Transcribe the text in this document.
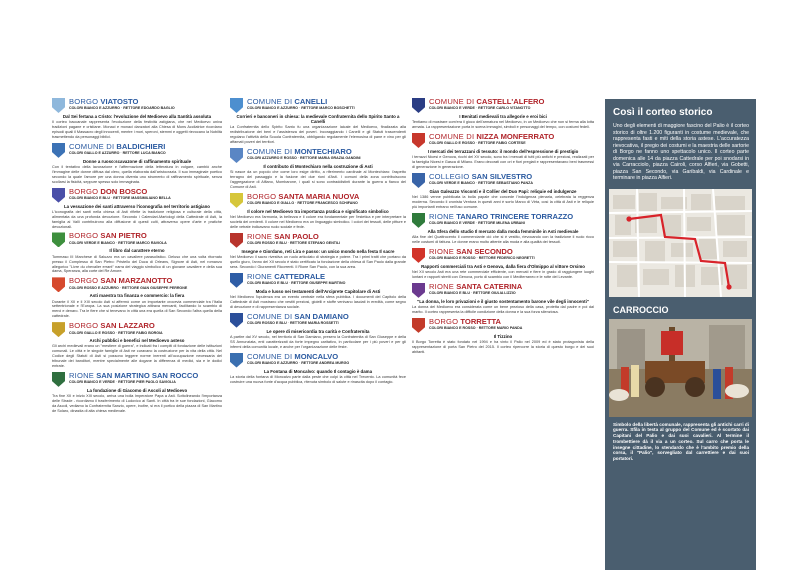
BORGO VIATOSTO
COLORI BIANCO E AZZURRO · RETTORE EDOARDO BAGLIO
Dal Sei fertana a Cristo: l'evoluzione del Medioevo alla Santità assoluta
Il corteo baccanale rappresenta l'evoluzione della festività astigiana, che nel Medioevo univa tradizioni pagane e cristiane. Monaci e monaci danzatori alla Chiesa di Mons Accilatrice ricordano episodi quali il Massacro degli innocenti, mentre i mori, speroni, stemmi e oggetti rievocano la Nobiltà trasmettendo da personaggi biblici.
COMUNE DI BALDICHIERI
COLORI GIALLO E AZZURRO · RETTORE LUCA BIANCO
Donne a ruoso:scavazone di raffinamento spirituale
Con il tentativo della lavorazione e l'affermazione della letteratura in volgare, cambiò anche l'immagine delle donne diffusa dal clero, quella elaborata dall'aristocrazia. Il suo immaginale poetico secondo la quale l'amore per una donna diventa uno strumento di raffinamento spirituale, senza scollarsi la fisicità, seppure spesso solo immaginata.
BORGO DON BOSCO
COLORI BIANCO E BLU · RETTORE MASSIMILIANO BELLA
La vessazione dei santi attraverso l'iconografia nel territorio astigiano
L'iconografia dei santi nella chiesa di Asti riflette la tradizione religiosa e culturale della città, alimentata da una profonda devozione. Secondo i Calendari-Martologi della Cattedrale di Asti, la famiglia ai Valli contribuirono alla diffusione di questi culti, attraverso opere d'arte e pratiche devozionali.
BORGO SAN PIETRO
COLORI VERDE E BIANCO · RETTORE MARCO RAVIOLA
Il libro dal carattere eterno
Tommaso III Marchese di Saluzzo era un cavaliere parasolistico. Deluso che una volta ritornato presso il Complesso di San Pietro: Pristello del Duca di Orleans, Signore di Asti, nel romanzo allegorico "Livre du chevalier errant" narra del viaggio simbolico di un giovane cavaliere e della sua dama, Speranza, alla corte del Re Amore.
BORGO SAN MARZANOTTO
COLORI ROSSO E AZZURRO · RETTORE GIAN GIUSEPPE PERRONE
Asti maestra tra finanza e commercio: la fiera
Durante il XII e il XIII secolo Asti si affermò come un importante crocevia commerciale tra l'Italia settentrionale e l'Europa. La sua posizione strategica attirava mercanti, facilitando lo scambio di merci e denaro. Tra le fiere che si tenevano in città una era quella di San Secondo l'altra quella della cattedrale.
BORGO SAN LAZZARO
COLORI GIALLO E ROSSO · RETTORE FABIO BORGIA
Archi pubblici e benefici nel Medioevo asteso
Gli archi medievali erano un "mestiere di guerra", e indicati fra i compiti di fondazione delle istituzioni comunali. Le città e le singole famiglie di Asti ne curavano la costruzione per la vita della città. Nel Codice degli Statuti di Asti si possono leggere norme inerenti all'occupazione necessaria del tribunale dei banditori, mentre specialmente alle dogane la differenza di medici, sia e le dodici entrate.
RIONE SAN MARTINO SAN ROCCO
COLORI BIANCO E VERDE · RETTORE PIER PAOLO SAVIGLIA
La fondazione di Giacomo di Ascoli al Medioevo
Tra fine XII e inizio XIII secolo, arriva una bolla Imperatore Papa a Asti. Sottolineando l'importanza delle Strade - ricordiamo il trasferimento di Ludovico ai Santi. In città tra le sue fondazioni, Giacomo da Ascoli, vediamo la Confraternita Sanzio, opere, inoltre, si era il portico della piazza di San Martino de Solaro, dinastia di alta chiesa medievale.
COMUNE DI CANELLI
COLORI BIANCO E AZZURRO · RETTORE MARCO BOSCHETTI
Corrieri e banconeri in chiesa: la medievale Confraternita dello Spirito Santo a Canelli
La Confraternita dello Spirito Santo fu una organizzazione laicale del Medioevo, finalizzata alla redistribuzione dei beni e l'assistenza dei poveri. Incoraggiando i Canelli e gli Statuti trascendenti regolano l'attività della Scuola Confraternita, obbligando regolamente l'elemosina di pane e vino per gli affamati poveri dei territori.
COMUNE DI MONTECHIARO
COLORI AZZURRO E ROSSO · RETTORE MARIA GRAZIA GANDINI
Il contributo di Montechiaro nella costruzione di Asti
Si nasce da un popolo che come loro esige diritto, a riferimento cardinale al Montechiaro: l'aspetto terragno del passaggio e la fusione dei due rioni d'Asti. I comuni della zona contribuiscono l'aggregazione di Alfiano, Mombarone, i quali si sono contraddistinti durante la guerra a fianco del Comune di Asti.
BORGO SANTA MARIA NUOVA
COLORI BIANCO E GIALLO · RETTORE FRANCESCO SCHIFANO
Il colore nel Medioevo tra importanza pratica e significato simbolico
Nel Medioevo era l'armonia, la bellezza e il colore era fondamentale per l'estetica e per interpretare la società dei credenti. Il colore nel Medioevo era un linguaggio simbolico. I colori dei tessuti, delle pitture e delle vetrate indicavano ruolo sociale e fede.
RIONE SAN PAOLO
COLORI ROSSO E BLU · RETTORE STEFANO GENTILI
Insegne e Giordano, reti Lira e passo: un unico mondo nella festa Il sacre
Nel Medioevo il sacro rivestiva un ruolo articolato di strategia e potere. Tra i primi tratti che portano da quello giuro, l'anno del XII secolo è stato certificato la fondazione della chiesa di San Paolo dalla grande sera. Secondo i Giuramenti Ricorrenti. Il Rione San Paolo, con la sua area.
RIONE CATTEDRALE
COLORI BIANCO E BLU · RETTORE GIUSEPPE MARTINO
Moda e lusso nei testamenti dell'Arciprete Capitolare di Asti
Nel Medioevo l'opulenza era un evento centrale nella sfera pubblica. I documenti del Capitolo della Cattedrale di Asti mostrano che vestiti preziosi, gioielli e stoffe venivano lasciati in eredità, come segno di devozione e di rappresentanza sociale.
COMUNE DI SAN DAMIANO
COLORI ROSSO E BLU · RETTORE MARIA ROSSETTI
Le opere di misericordia tra carità e Confraternita
A partire dal XV secolo, nel territorio di San Damiano, presero la Confraternita di San Giuseppe e della SS Annunziata, enti caratterizzati da forte impegno caritativo, in particolare per i più poveri e per gli infermi della comunità locale, e anche per l'organizzazione delle feste.
COMUNE DI MONCALVO
COLORI BIANCO E AZZURRO · RETTORE ANDREA MURGO
La Fontana di Moncalvo: quando Il contagio è dama
La storia della fontana di Moncalvo parte dalla peste che colpì la città nel Trecento. La comunità fece costruire una nuova fonte d'acqua pubblica, ritenuta simbolo di salute e rinascita dopo il contagio.
COMUNE DI CASTELL'ALFERO
COLORI BIANCO E VERDE · RETTORE CARLO VITANOTTO
I Benitati medievali tra allegorie e eroi bici
Tentiamo di mostrare com'era il gioco dell'armatura nel Medioevo, in un Medioevo che non si ferma alla lotta armata. La rappresentazione porta in scena immagini, simboli e personaggi del tempo, con costumi fedeli.
COMUNE DI NIZZA MONFERRATO
COLORI GIALLO E ROSSO · RETTORE FABIO CORTESE
I mercati dei terrazzani di tessuto: il mondo dell'espressione di prestigio
I terrazzi Nicesi e Genova, ricchi del XV secolo, sono tra i mercati di tutti più antichi e preziosi, realizzati per la famiglia Nicesi e Gasca di Milano. Erano decorati con ori e fiori pregiati e rappresentavano beni trasmessi di generazione in generazione.
COLLEGIO SAN SILVESTRO
COLORI VERDE E BIANCO · RETTORE SEBASTIANO PANZA
Gian Galeazzo Visconti e il Collier del Duo Papi: reliquie ed indulgenze
Nel 1386 venne pubblicata la bolla papale che concede l'indulgenza plenaria, celebrata la reggenza moderna. Secondo il cronista Ventura in questi anni è sorto Marco di Virta, così la città di Asti e le reliquie più importanti entrano nell'uso comune.
RIONE TANARO TRINCERE TORRAZZO
COLORI BIANCO E VERDE · RETTORE MILENA URBANI
Alla Sfera dello studio Il mercato dalla moda femminile in Asti medievale
Alla fine del Quattrocento il commerciante ciò che si è vestito, rievocando con la tradizione il ruolo ricco nelle costumi di fattura. Le donne erano molto attente alla moda e alla qualità dei tessuti.
RIONE SAN SECONDO
COLORI BIANCO E ROSSO · RETTORE FEDERICO NEGRETTI
Rapporti commerciali tra Asti e Genova, dalla fiera d'Olmippo al vittore Orsimo
Nel XII secolo Asti era una rete commerciale efficiente, con mercati e fiere in grado di raggiungere luoghi lontani e rapporti stretti con Genova, porto di scambio con il Mediterraneo e le rotte del Levante.
RIONE SANTA CATERINA
COLORI BIANCO E BLU · RETTORE GIULIA LIZZIO
"La donna, le loro privazioni e il giusto sostentamento barone vile degli innocenti"
La donna del Medioevo era considerata come un bene prezioso della casa, protetta dal padre e poi dal marito. Il corteo rappresenta la difficile condizione della donna e la sua forza silenziosa.
BORGO TORRETTA
COLORI BIANCO E ROSSO · RETTORE MARIO PANDA
Il Tizzino
Il Borgo Torretta è stato fondato nel 1994 e ha vinto il Palio nel 2009 ed è stato protagonista della rappresentazione di porta San Pietro del 2015. Il corteo ripercorre la storia di questo borgo e dei suoi abitanti.
Così il corteo storico
Uno degli elementi di maggiore fascino del Palio è il corteo storico di oltre 1.200 figuranti in costume medievale, che rappresenta fasti e miti della storia astese. L'accuratezza rievocativa, il pregio dei costumi e la maestria delle sartorie di Borgo ne fanno uno spettacolo unico. Il corteo parte domenica alle 14 da piazza Cattedrale per poi snodarsi in via Carracciolo, piazza Cairoli, corso Alfieri, via Gobetti, piazza San Secondo, via Garibaldi, via Cardinale e terminare in piazza Alfieri.
CARROCCIO
Simbolo della libertà comunale, rappresenta gli antichi carri di guerra. Sfila in testa al gruppo del Comune ed è scortato dai Capitani del Palio e dai suoi cavalieri. Al termine il trombettiere dà il via a un corteo. Sul carro che porta le insegne cittadine, lo stendardo che è l'ambito premio della corsa, il "Palio", sorvegliato dal carrettiere e dai suoi portatori.
